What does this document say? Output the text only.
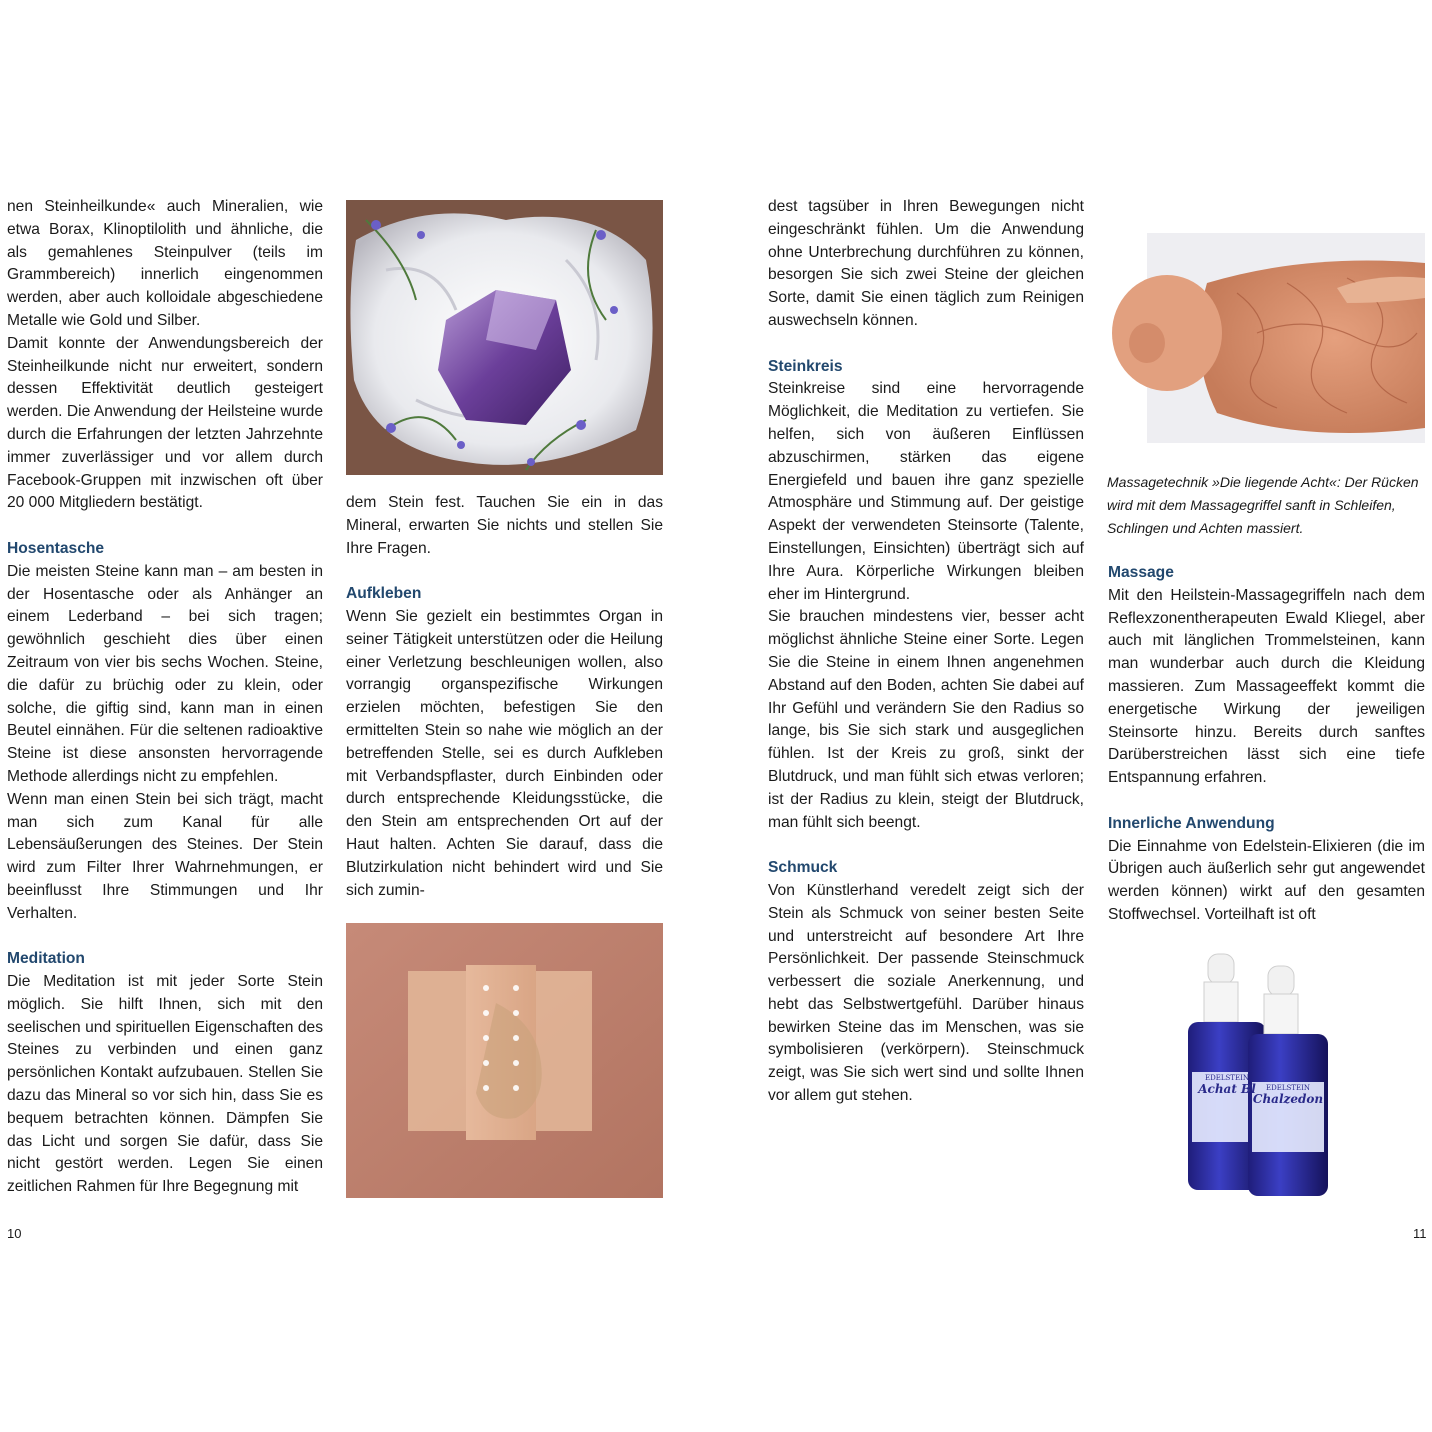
nen Steinheilkunde« auch Mineralien, wie etwa Borax, Klinoptilolith und ähnliche, die als gemahlenes Steinpulver (teils im Grammbereich) innerlich eingenommen werden, aber auch kolloidale abgeschiedene Metalle wie Gold und Silber.

Damit konnte der Anwendungsbereich der Steinheilkunde nicht nur erweitert, sondern dessen Effektivität deutlich gesteigert werden. Die Anwendung der Heilsteine wurde durch die Erfahrungen der letzten Jahrzehnte immer zuverlässiger und vor allem durch Facebook-Gruppen mit inzwischen oft über 20 000 Mitgliedern bestätigt.

Hosentasche

Die meisten Steine kann man – am besten in der Hosentasche oder als Anhänger an einem Lederband – bei sich tragen; gewöhnlich geschieht dies über einen Zeitraum von vier bis sechs Wochen. Steine, die dafür zu brüchig oder zu klein, oder solche, die giftig sind, kann man in einen Beutel einnähen. Für die seltenen radioaktive Steine ist diese ansonsten hervorragende Methode allerdings nicht zu empfehlen.

Wenn man einen Stein bei sich trägt, macht man sich zum Kanal für alle Lebensäußerungen des Steines. Der Stein wird zum Filter Ihrer Wahrnehmungen, er beeinflusst Ihre Stimmungen und Ihr Verhalten.

Meditation

Die Meditation ist mit jeder Sorte Stein möglich. Sie hilft Ihnen, sich mit den seelischen und spirituellen Eigenschaften des Steines zu verbinden und einen ganz persönlichen Kontakt aufzubauen. Stellen Sie dazu das Mineral so vor sich hin, dass Sie es bequem betrachten können. Dämpfen Sie das Licht und sorgen Sie dafür, dass Sie nicht gestört werden. Legen Sie einen zeitlichen Rahmen für Ihre Begegnung mit

dem Stein fest. Tauchen Sie ein in das Mineral, erwarten Sie nichts und stellen Sie Ihre Fragen.

Aufkleben

Wenn Sie gezielt ein bestimmtes Organ in seiner Tätigkeit unterstützen oder die Heilung einer Verletzung beschleunigen wollen, also vorrangig organspezifische Wirkungen erzielen möchten, befestigen Sie den ermittelten Stein so nahe wie möglich an der betreffenden Stelle, sei es durch Aufkleben mit Verbandspflaster, durch Einbinden oder durch entsprechende Kleidungsstücke, die den Stein am entsprechenden Ort auf der Haut halten. Achten Sie darauf, dass die Blutzirkulation nicht behindert wird und Sie sich zumin-

10

dest tagsüber in Ihren Bewegungen nicht eingeschränkt fühlen. Um die Anwendung ohne Unterbrechung durchführen zu können, besorgen Sie sich zwei Steine der gleichen Sorte, damit Sie einen täglich zum Reinigen auswechseln können.

Steinkreis

Steinkreise sind eine hervorragende Möglichkeit, die Meditation zu vertiefen. Sie helfen, sich von äußeren Einflüssen abzuschirmen, stärken das eigene Energiefeld und bauen ihre ganz spezielle Atmosphäre und Stimmung auf. Der geistige Aspekt der verwendeten Steinsorte (Talente, Einstellungen, Einsichten) überträgt sich auf Ihre Aura. Körperliche Wirkungen bleiben eher im Hintergrund.

Sie brauchen mindestens vier, besser acht möglichst ähnliche Steine einer Sorte. Legen Sie die Steine in einem Ihnen angenehmen Abstand auf den Boden, achten Sie dabei auf Ihr Gefühl und verändern Sie den Radius so lange, bis Sie sich stark und ausgeglichen fühlen. Ist der Kreis zu groß, sinkt der Blutdruck, und man fühlt sich etwas verloren; ist der Radius zu klein, steigt der Blutdruck, man fühlt sich beengt.

Schmuck

Von Künstlerhand veredelt zeigt sich der Stein als Schmuck von seiner besten Seite und unterstreicht auf besondere Art Ihre Persönlichkeit. Der passende Steinschmuck verbessert die soziale Anerkennung, und hebt das Selbstwertgefühl. Darüber hinaus bewirken Steine das im Menschen, was sie symbolisieren (verkörpern). Steinschmuck zeigt, was Sie sich wert sind und sollte Ihnen vor allem gut stehen.

Massagetechnik »Die liegende Acht«: Der Rücken wird mit dem Massagegriffel sanft in Schleifen, Schlingen und Achten massiert.
Massage

Mit den Heilstein-Massagegriffeln nach dem Reflexzonentherapeuten Ewald Kliegel, aber auch mit länglichen Trommelsteinen, kann man wunderbar auch durch die Kleidung massieren. Zum Massageeffekt kommt die energetische Wirkung der jeweiligen Steinsorte hinzu. Bereits durch sanftes Darüberstreichen lässt sich eine tiefe Entspannung erfahren.

Innerliche Anwendung

Die Einnahme von Edelstein-Elixieren (die im Übrigen auch äußerlich sehr gut angewendet werden können) wirkt auf den gesamten Stoffwechsel. Vorteilhaft ist oft

EDELSTEIN
Achat Bl	EDELSTEIN
Chalzedon
11
